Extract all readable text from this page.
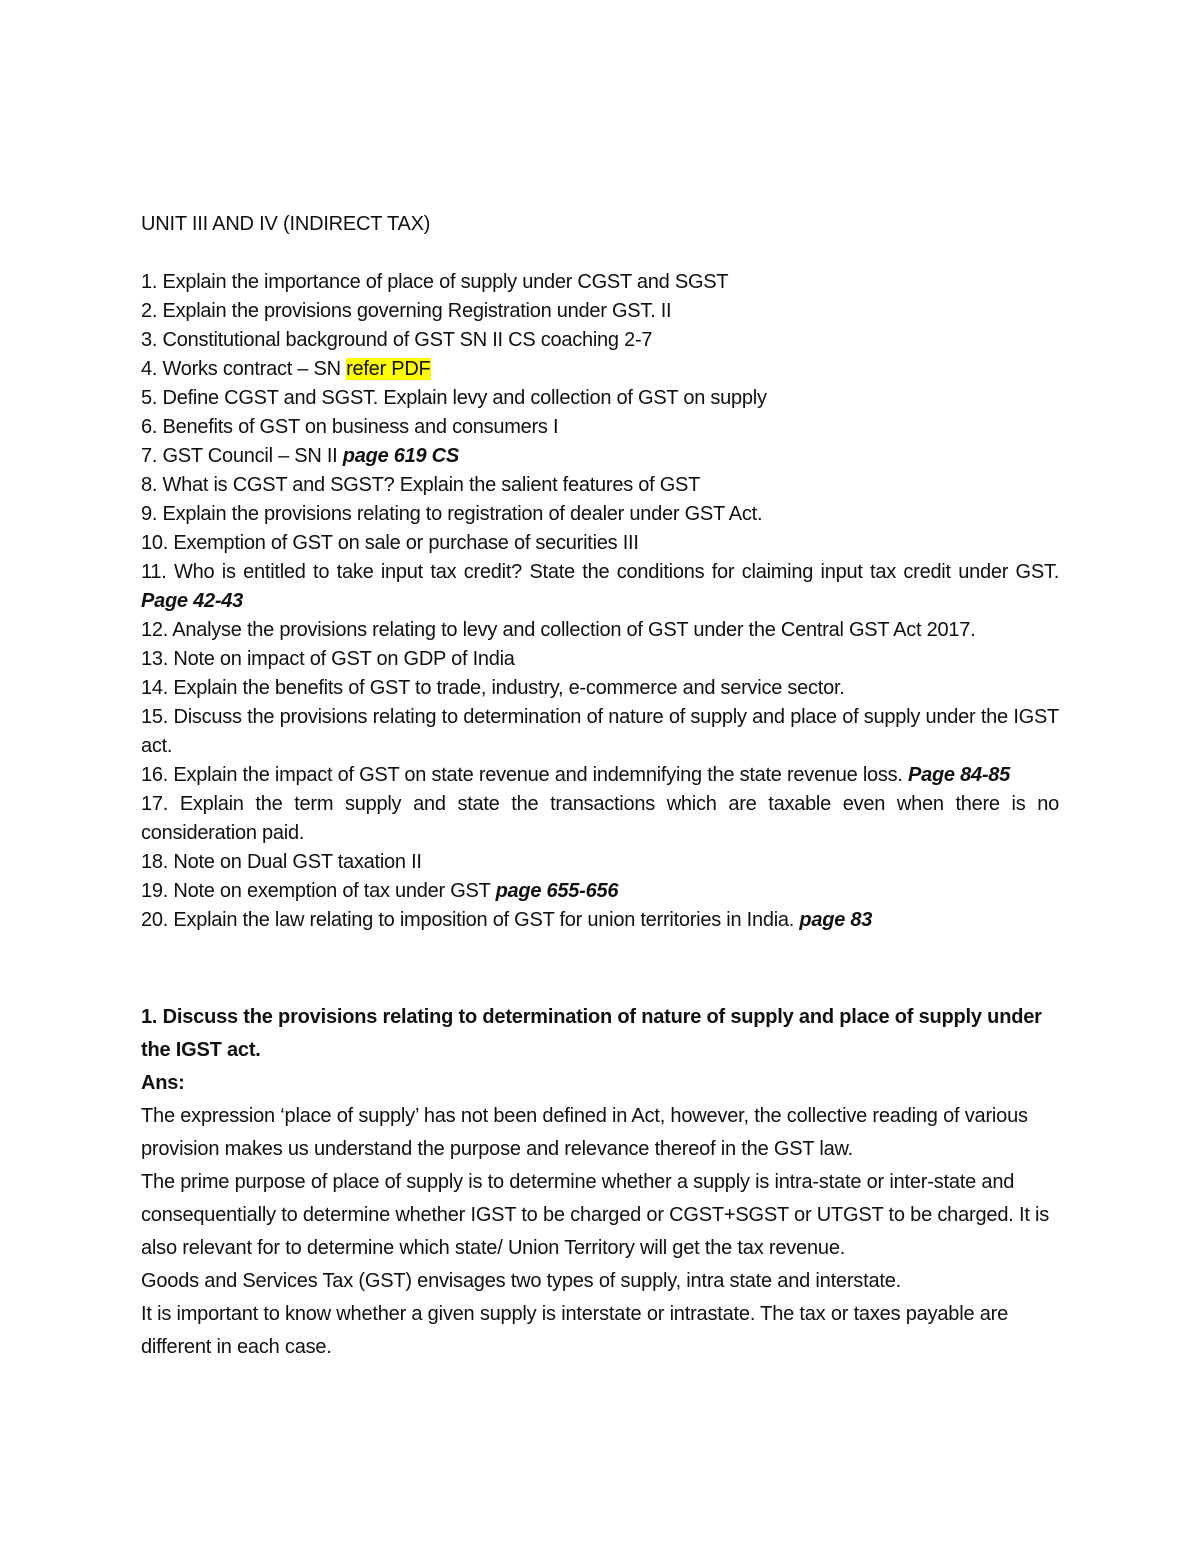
UNIT III AND IV (INDIRECT TAX)
1. Explain the importance of place of supply under CGST and SGST
2. Explain the provisions governing Registration under GST. II
3. Constitutional background of GST SN II CS coaching 2-7
4. Works contract – SN refer PDF
5. Define CGST and SGST. Explain levy and collection of GST on supply
6. Benefits of GST on business and consumers I
7. GST Council – SN II page 619 CS
8. What is CGST and SGST? Explain the salient features of GST
9. Explain the provisions relating to registration of dealer under GST Act.
10. Exemption of GST on sale or purchase of securities III
11. Who is entitled to take input tax credit? State the conditions for claiming input tax credit under GST. Page 42-43
12. Analyse the provisions relating to levy and collection of GST under the Central GST Act 2017.
13. Note on impact of GST on GDP of India
14. Explain the benefits of GST to trade, industry, e-commerce and service sector.
15. Discuss the provisions relating to determination of nature of supply and place of supply under the IGST act.
16. Explain the impact of GST on state revenue and indemnifying the state revenue loss. Page 84-85
17. Explain the term supply and state the transactions which are taxable even when there is no consideration paid.
18. Note on Dual GST taxation II
19. Note on exemption of tax under GST page 655-656
20. Explain the law relating to imposition of GST for union territories in India. page 83

1. Discuss the provisions relating to determination of nature of supply and place of supply under the IGST act.

Ans:

The expression ‘place of supply’ has not been defined in Act, however, the collective reading of various provision makes us understand the purpose and relevance thereof in the GST law.

The prime purpose of place of supply is to determine whether a supply is intra-state or inter-state and consequentially to determine whether IGST to be charged or CGST+SGST or UTGST to be charged. It is also relevant for to determine which state/ Union Territory will get the tax revenue.

Goods and Services Tax (GST) envisages two types of supply, intra state and interstate.

It is important to know whether a given supply is interstate or intrastate. The tax or taxes payable are different in each case.
